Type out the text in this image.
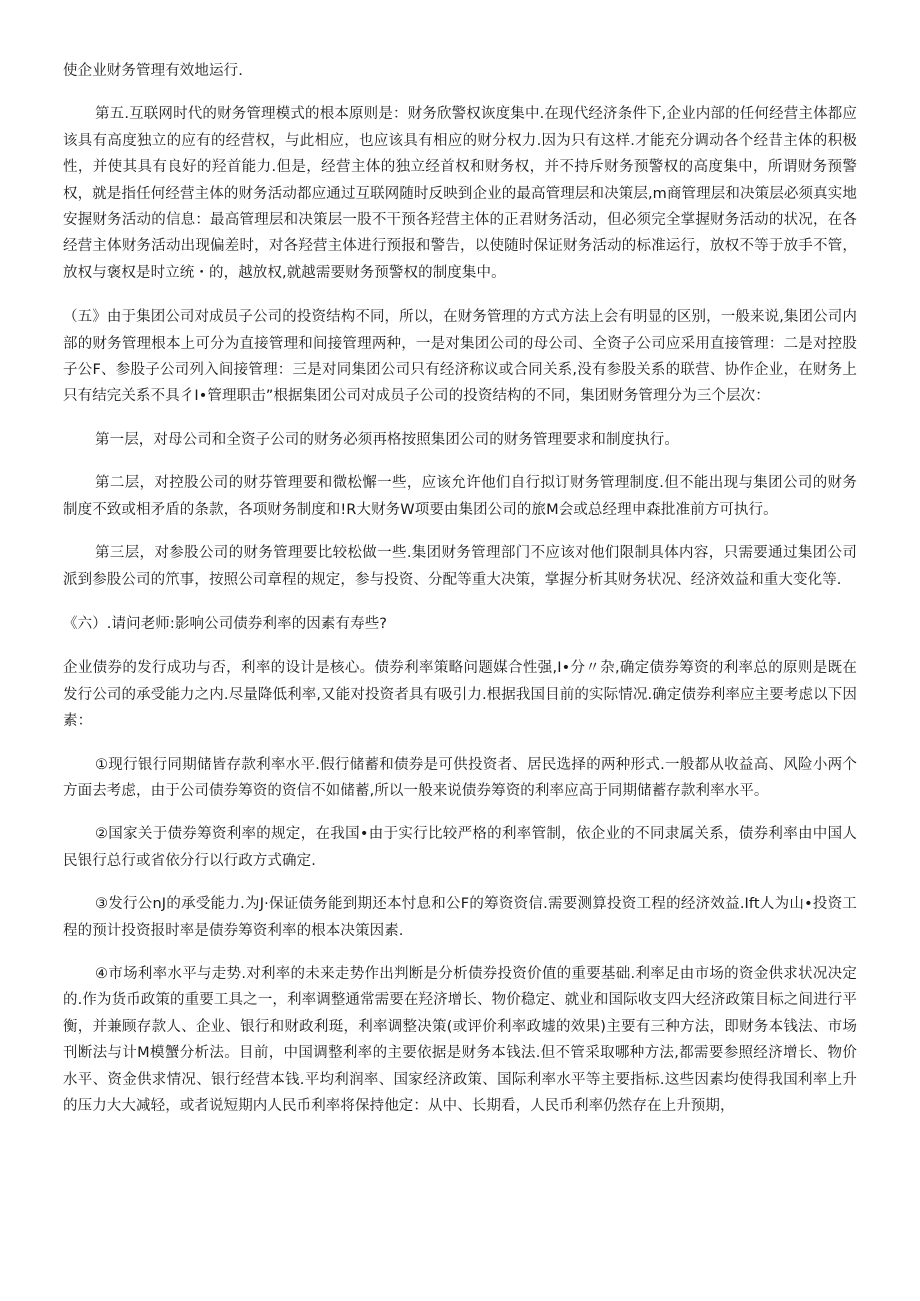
使企业财务管理有效地运行.

第五.互联网时代的财务管理模式的根本原则是：财务欣警权诙度集中.在现代经济条件下,企业内部的任何经营主体都应该具有高度独立的应有的经营权，与此相应，也应该具有相应的财分权力.因为只有这样.才能充分调动各个经昔主体的积极性，并使其具有良好的羟首能力.但是，经营主体的独立经首权和财务权，并不持斥财务预警权的高度集中，所谓财务预警权，就是指任何经营主体的财务活动都应通过互联网随时反映到企业的最高管理层和决策层,m商管理层和决策层必须真实地安握财务活动的信息：最高管理层和决策层一股不干预各羟营主体的正君财务活动，但必须完全掌握财务活动的状况，在各经营主体财务活动出现偏差时，对各羟营主体进行预报和警告，以使随时保证财务活动的标准运行，放权不等于放手不管，放权与褒权是时立统・的，越放权,就越需要财务预警权的制度集中。

（五》由于集团公司对成员子公司的投资结构不同，所以，在财务管理的方式方法上会有明显的区别，一般来说,集团公司内部的财务管理根本上可分为直接管理和间接管理两种，一是对集团公司的母公司、全资子公司应采用直接管理：二是对控股子公F、参股子公司列入间接管理：三是对同集团公司只有经济称议或合同关系,没有参股关系的联营、协作企业，在财务上只有结完关系不具彳I•管理职击”根据集团公司对成员子公司的投资结构的不同，集团财务管理分为三个层次：

第一层，对母公司和全资子公司的财务必须再格按照集团公司的财务管理要求和制度执行。

第二层，对控股公司的财芬管理要和微松懈一些，应该允许他们自行拟订财务管理制度.但不能出现与集团公司的财务制度不致或相矛盾的条款，各项财务制度和!R大财务W项要由集团公司的旅M会或总经理申森批准前方可执行。

第三层，对参股公司的财务管理要比较松做一些.集团财务管理部门不应该对他们限制具体内容，只需要通过集团公司派到参股公司的笊事，按照公司章程的规定，参与投资、分配等重大决策，掌握分析其财务状况、经济效益和重大变化等.

《六）.请问老师:影响公司债券利率的因素有寿些?

企业债券的发行成功与否，利率的设计是核心。债券利率策略问题媒合性强,I•分〃杂,确定债券筹资的利率总的原则是既在发行公司的承受能力之内.尽量降低利率,又能对投资者具有吸引力.根据我国目前的实际情况.确定债券利率应主要考虑以下因素：

①现行银行同期储皆存款利率水平.假行储蓄和债券是可供投资者、居民选择的两种形式.一般都从收益高、风险小两个方面去考虑，由于公司债券筹资的资信不如储蓄,所以一般来说债券筹资的利率应高于同期储蓄存款利率水平。

②国家关于债券筹资利率的规定，在我国•由于实行比较严格的利率管制，依企业的不同隶属关系，债券利率由中国人民银行总行或省依分行以行政方式确定.

③发行公nJ的承受能力.为J·保证债务能到期还本忖息和公F的筹资资信.需要测算投资工程的经济效益.Ift人为山•投资工程的预计投资报时率是债券筹资利率的根本决策因素.

④市场利率水平与走势.对利率的未来走势作出判断是分析债券投资价值的重要基础.利率足由市场的资金供求状况决定的.作为货币政策的重要工具之一，利率调整通常需要在羟济增长、物价稳定、就业和国际收支四大经济政策目标之间进行平衡，并兼顾存款人、企业、银行和财政利珽，利率调整决策(或评价利率政墟的效果)主要有三种方法，即财务本钱法、市场刊断法与计M模蟹分析法。目前，中国调整利率的主要依据是财务本钱法.但不管采取哪种方法,都需要参照经济增长、物价水平、资金供求情况、银行经营本钱.平均利润率、国家经济政策、国际利率水平等主要指标.这些因素均使得我国利率上升的压力大大减轻，或者说短期内人民币利率将保持他定：从中、长期看，人民币利率仍然存在上升预期，
